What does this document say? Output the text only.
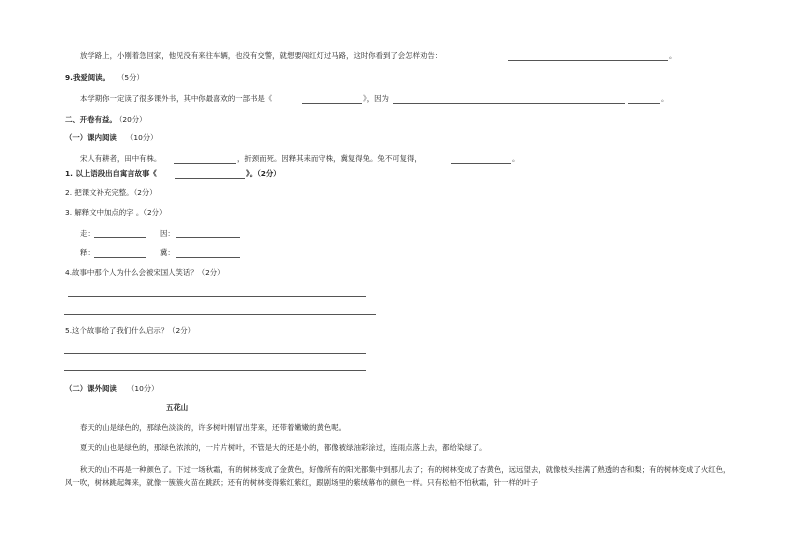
放学路上，小刚着急回家，他见没有来往车辆，也没有交警，就想要闯红灯过马路，这时你看到了会怎样劝告：	。
9.我爱阅读。 （5分）
本学期你一定读了很多课外书，其中你最喜欢的一部书是《	》，因为	。
二、开卷有益。
（20分）
（一）课内阅读 （10分）
宋人有耕者，田中有株。	，折颈而死。因释其耒而守株，冀复得兔。兔不可复得，	。
1. 以上语段出自寓言故事《	》。（2分）
2. 把课文补充完整。（2分）
3. 解释文中加点的字 。（2分）
走：	因：
释：	冀：
4.故事中那个人为什么会被宋国人笑话？（2分）
5.这个故事给了我们什么启示？（2分）
（二）课外阅读 （10分）
五花山
春天的山是绿色的，那绿色淡淡的，许多树叶刚冒出芽来，还带着嫩嫩的黄色呢。
夏天的山也是绿色的，那绿色浓浓的，一片片树叶，不管是大的还是小的，都像被绿油彩涂过，连雨点落上去，都给染绿了。
秋天的山不再是一种颜色了。下过一场秋霜，有的树林变成了金黄色，好像所有的阳光都集中到那儿去了；有的树林变成了杏黄色，远远望去，就像枝头挂满了熟透的杏和梨；有的树林变成了火红色，风一吹，树林跳起舞来，就像一簇簇火苗在跳跃；还有的树林变得紫红紫红，跟剧场里的紫绒幕布的颜色一样。只有松柏不怕秋霜，针一样的叶子
